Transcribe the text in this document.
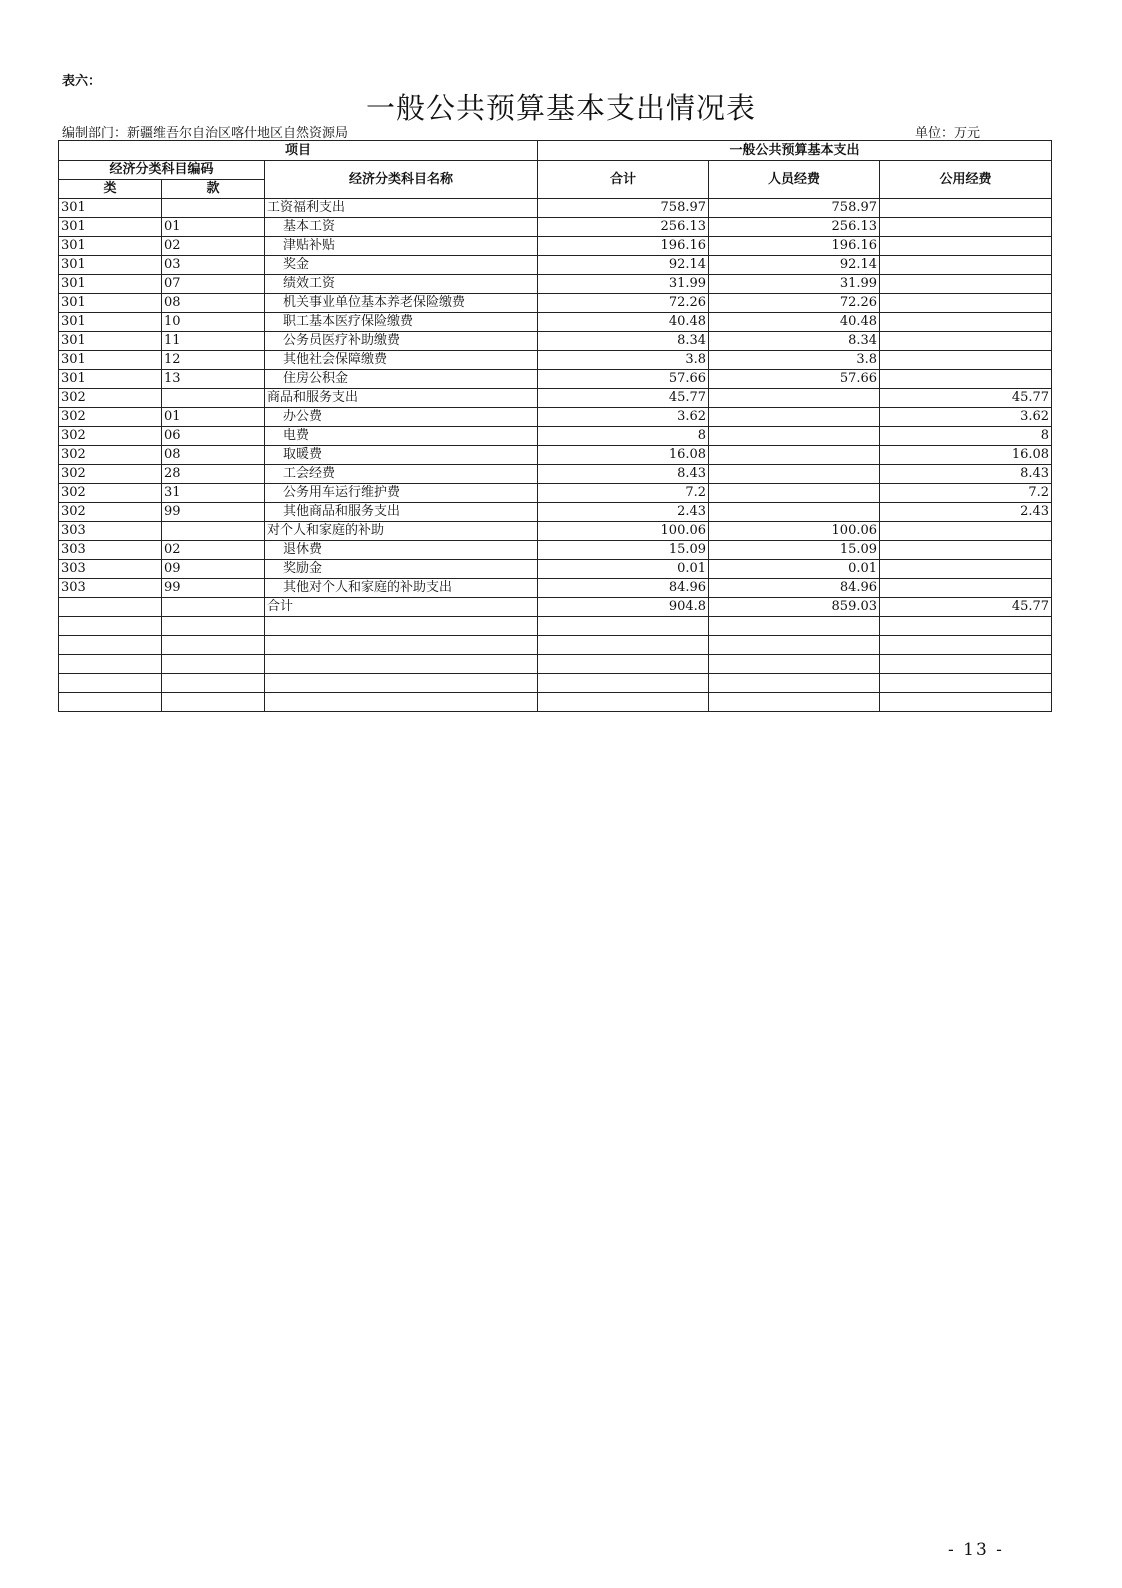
表六：
一般公共预算基本支出情况表
编制部门：新疆维吾尔自治区喀什地区自然资源局	单位：万元
项目			一般公共预算基本支出		
经济分类科目编码		经济分类科目名称	合计	人员经费	公用经费
类	款				
301		工资福利支出	758.97	758.97	
301	01	基本工资	256.13	256.13	
301	02	津贴补贴	196.16	196.16	
301	03	奖金	92.14	92.14	
301	07	绩效工资	31.99	31.99	
301	08	机关事业单位基本养老保险缴费	72.26	72.26	
301	10	职工基本医疗保险缴费	40.48	40.48	
301	11	公务员医疗补助缴费	8.34	8.34	
301	12	其他社会保障缴费	3.8	3.8	
301	13	住房公积金	57.66	57.66	
302		商品和服务支出	45.77		45.77
302	01	办公费	3.62		3.62
302	06	电费	8		8
302	08	取暖费	16.08		16.08
302	28	工会经费	8.43		8.43
302	31	公务用车运行维护费	7.2		7.2
302	99	其他商品和服务支出	2.43		2.43
303		对个人和家庭的补助	100.06	100.06	
303	02	退休费	15.09	15.09	
303	09	奖励金	0.01	0.01	
303	99	其他对个人和家庭的补助支出	84.96	84.96	
		合计	904.8	859.03	45.77

- 13 -
